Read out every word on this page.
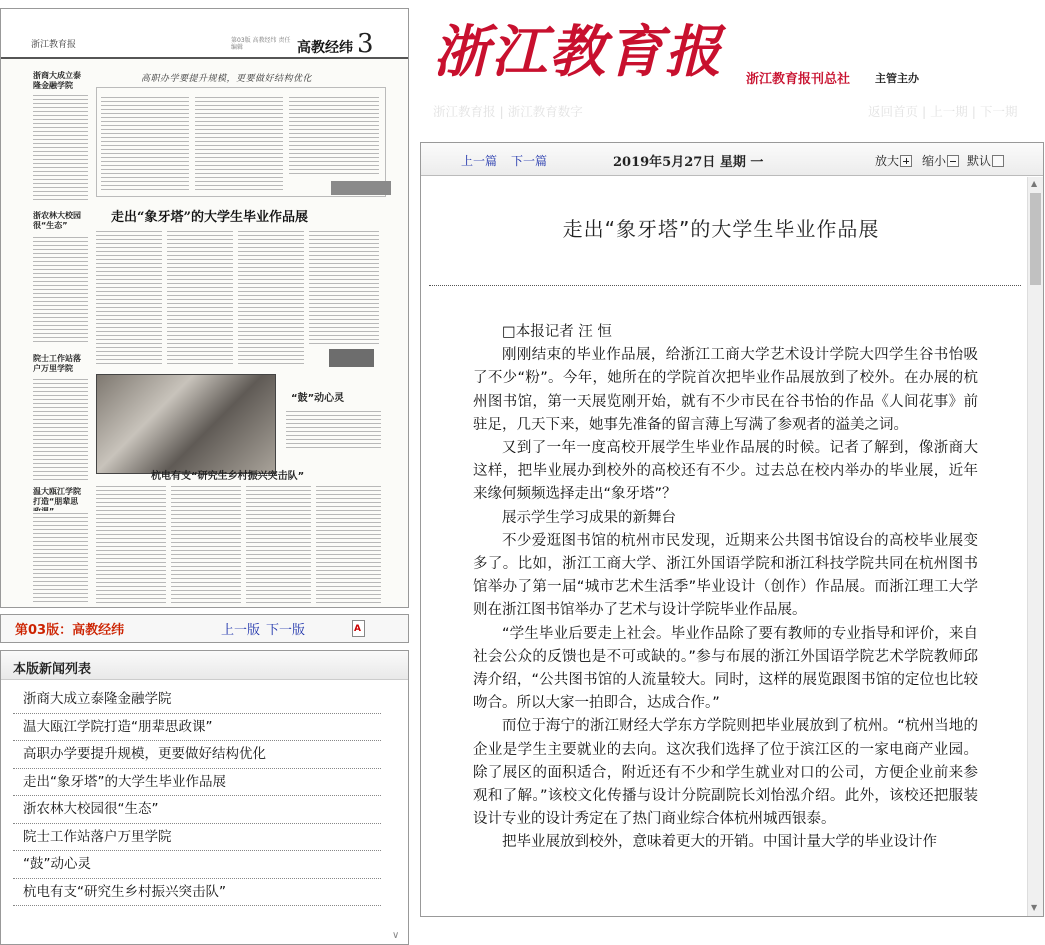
浙江教育报	第03版 高教经纬 责任编辑	高教经纬 3
高职办学要提升规模，更要做好结构优化
走出“象牙塔”的大学生毕业作品展
“鼓”动心灵
杭电有支“研究生乡村振兴突击队”
浙商大成立泰隆金融学院
浙农林大校园很“生态”
院士工作站落户万里学院
温大瓯江学院打造“朋辈思
第03版：高教经纬	上一版 下一版	A
本版新闻列表
浙商大成立泰隆金融学院
温大瓯江学院打造“朋辈思政课”
高职办学要提升规模，更要做好结构优化
走出“象牙塔”的大学生毕业作品展
浙农林大校园很“生态”
院士工作站落户万里学院
“鼓”动心灵
杭电有支“研究生乡村振兴突击队”
∨
浙江教育报 浙江教育报刊总社 主管主办
浙江教育报 | 浙江教育数字	返回首页 | 上一期 | 下一期
上一篇 下一篇	2019年5月27日 星期 一	放大 缩小 默认
走出“象牙塔”的大学生毕业作品展

□本报记者 汪 恒

刚刚结束的毕业作品展，给浙江工商大学艺术设计学院大四学生谷书怡吸了不少“粉”。今年，她所在的学院首次把毕业作品展放到了校外。在办展的杭州图书馆，第一天展览刚开始，就有不少市民在谷书怡的作品《人间花事》前驻足，几天下来，她事先准备的留言薄上写满了参观者的溢美之词。

又到了一年一度高校开展学生毕业作品展的时候。记者了解到，像浙商大这样，把毕业展办到校外的高校还有不少。过去总在校内举办的毕业展，近年来缘何频频选择走出“象牙塔”？

展示学生学习成果的新舞台

不少爱逛图书馆的杭州市民发现，近期来公共图书馆设台的高校毕业展变多了。比如，浙江工商大学、浙江外国语学院和浙江科技学院共同在杭州图书馆举办了第一届“城市艺术生活季”毕业设计（创作）作品展。而浙江理工大学则在浙江图书馆举办了艺术与设计学院毕业作品展。

“学生毕业后要走上社会。毕业作品除了要有教师的专业指导和评价，来自社会公众的反馈也是不可或缺的。”参与布展的浙江外国语学院艺术学院教师邱涛介绍，“公共图书馆的人流量较大。同时，这样的展览跟图书馆的定位也比较吻合。所以大家一拍即合，达成合作。”

而位于海宁的浙江财经大学东方学院则把毕业展放到了杭州。“杭州当地的企业是学生主要就业的去向。这次我们选择了位于滨江区的一家电商产业园。除了展区的面积适合，附近还有不少和学生就业对口的公司，方便企业前来参观和了解。”该校文化传播与设计分院副院长刘怡泓介绍。此外，该校还把服装设计专业的设计秀定在了热门商业综合体杭州城西银泰。

把毕业展放到校外，意味着更大的开销。中国计量大学的毕业设计作

▲
▼
